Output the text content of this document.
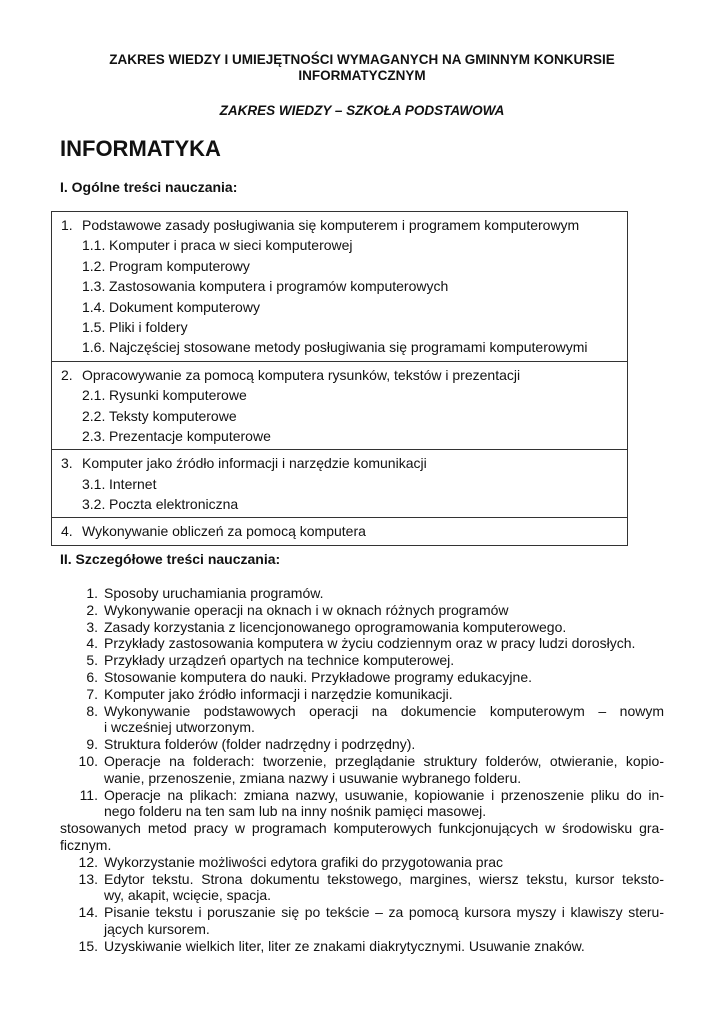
ZAKRES WIEDZY I UMIEJĘTNOŚCI WYMAGANYCH NA GMINNYM KONKURSIE
INFORMATYCZNYM
ZAKRES WIEDZY – SZKOŁA PODSTAWOWA
INFORMATYKA
I. Ogólne treści nauczania:
1. Podstawowe zasady posługiwania się komputerem i programem komputerowym
1.1. Komputer i praca w sieci komputerowej
1.2. Program komputerowy
1.3. Zastosowania komputera i programów komputerowych
1.4. Dokument komputerowy
1.5. Pliki i foldery
1.6. Najczęściej stosowane metody posługiwania się programami komputerowymi
2. Opracowywanie za pomocą komputera rysunków, tekstów i prezentacji
2.1. Rysunki komputerowe
2.2. Teksty komputerowe
2.3. Prezentacje komputerowe
3. Komputer jako źródło informacji i narzędzie komunikacji
3.1. Internet
3.2. Poczta elektroniczna
4. Wykonywanie obliczeń za pomocą komputera
II. Szczegółowe treści nauczania:
1. Sposoby uruchamiania programów.
2. Wykonywanie operacji na oknach i w oknach różnych programów
3. Zasady korzystania z licencjonowanego oprogramowania komputerowego.
4. Przykłady zastosowania komputera w życiu codziennym oraz w pracy ludzi dorosłych.
5. Przykłady urządzeń opartych na technice komputerowej.
6. Stosowanie komputera do nauki. Przykładowe programy edukacyjne.
7. Komputer jako źródło informacji i narzędzie komunikacji.
8. Wykonywanie podstawowych operacji na dokumencie komputerowym – nowym
i wcześniej utworzonym.
9. Struktura folderów (folder nadrzędny i podrzędny).
10. Operacje na folderach: tworzenie, przeglądanie struktury folderów, otwieranie, kopio-
wanie, przenoszenie, zmiana nazwy i usuwanie wybranego folderu.
11. Operacje na plikach: zmiana nazwy, usuwanie, kopiowanie i przenoszenie pliku do in-
nego folderu na ten sam lub na inny nośnik pamięci masowej.
stosowanych metod pracy w programach komputerowych funkcjonujących w środowisku gra-
ficznym.
12. Wykorzystanie możliwości edytora grafiki do przygotowania prac
13. Edytor tekstu. Strona dokumentu tekstowego, margines, wiersz tekstu, kursor teksto-
wy, akapit, wcięcie, spacja.
14. Pisanie tekstu i poruszanie się po tekście – za pomocą kursora myszy i klawiszy steru-
jących kursorem.
15. Uzyskiwanie wielkich liter, liter ze znakami diakrytycznymi. Usuwanie znaków.
